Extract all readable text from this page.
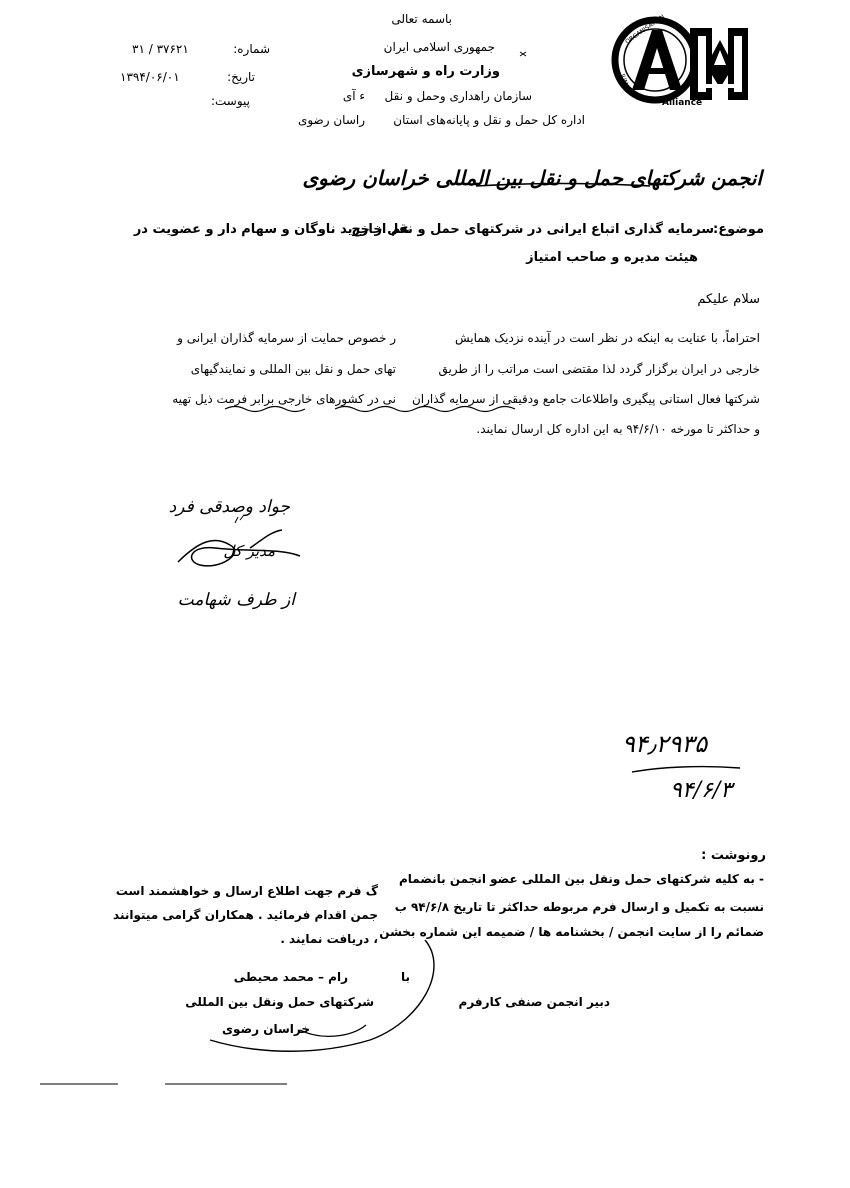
Alliance
ORGANISATION
IUMS
باسمه تعالی
جمهوری اسلامی ایران
وزارت راه و شهرسازی
سازمان راهداری وحمل و نقل
اداره کل حمل و نقل و پایانه‌های استان
ء آی
راسان رضوی
شماره:
۳۱ / ۳۷۶۲۱
تاریخ:
۱۳۹۴/۰۶/۰۱
پیوست:
انجمن شرکتهای حمل و نقل بین المللی خراسان رضوی
موضوع:
سرمایه گذاری اتباع ایرانی در شرکتهای حمل و نقل خارج
عم از خرید ناوگان و سهام دار و عضویت در
هیئت مدیره و صاحب امتیاز
سلام علیکم
احتراماً، با عنایت به اینکه در نظر است در آینده نزدیک همایش
ر خصوص حمایت از سرمایه گذاران ایرانی و
خارجی در ایران برگزار گردد لذا مقتضی است مراتب را از طریق
تهای حمل و نقل بین المللی و نمایندگیهای
شرکتها فعال استانی پیگیری واطلاعات جامع ودقیقی از سرمایه گذاران
نی در کشورهای خارجی برابر فرمت ذیل تهیه
و حداکثر تا مورخه ۹۴/۶/۱۰ به این اداره کل ارسال نمایند.
جواد وصدقی فرد
مدیر کل
از طرف شهامت
۹۴٫۲۹۳۵
۹۴/۶/۳
رونوشت :
- به کلیه شرکتهای حمل ونقل بین المللی عضو انجمن بانضمام
گ فرم جهت اطلاع ارسال و خواهشمند است
نسبت به تکمیل و ارسال فرم مربوطه حداکثر تا تاریخ ۹۴/۶/۸ ب
جمن اقدام فرمائید . همکاران گرامی میتوانند
ضمائم را از سایت انجمن / بخشنامه ها / ضمیمه این شماره بخشن
، دریافت نمایند .
با
رام – محمد محیطی
دبیر انجمن صنفی کارفرم
شرکتهای حمل ونقل بین المللی
خراسان رضوی
